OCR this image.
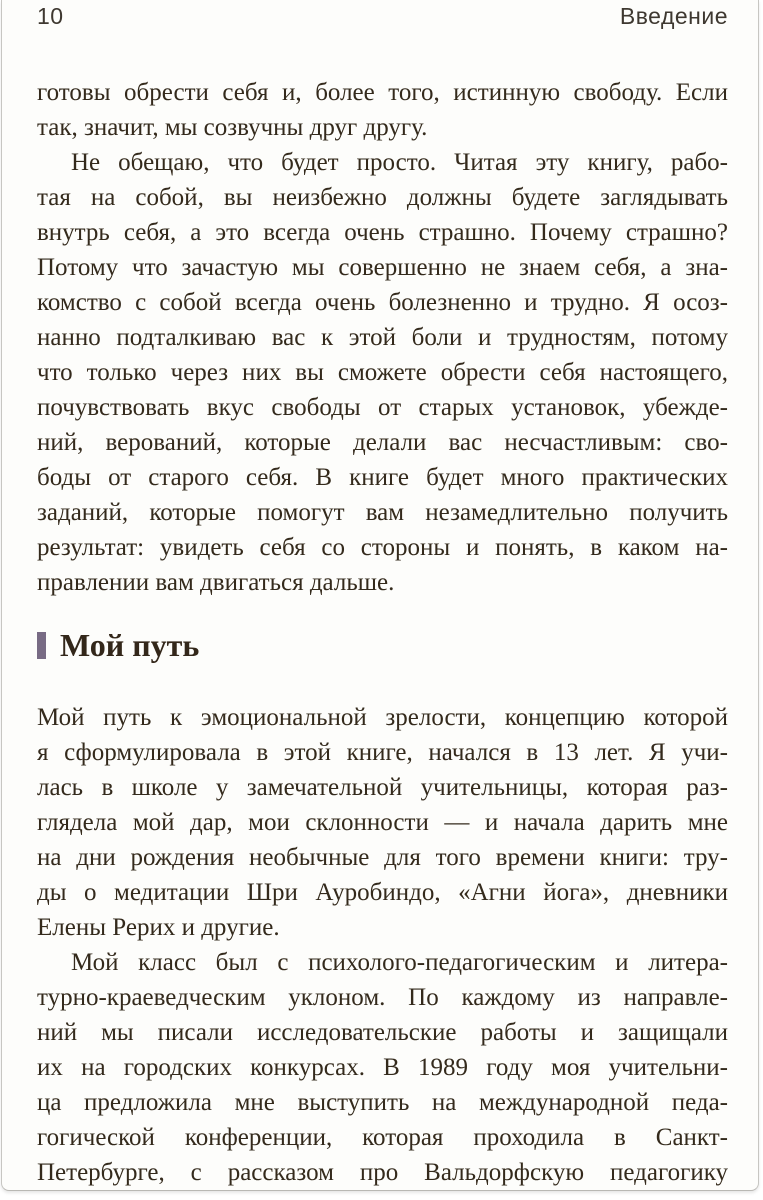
10	Введение
готовы обрести себя и, более того, истинную свободу. Если
так, значит, мы созвучны друг другу.
Не обещаю, что будет просто. Читая эту книгу, рабо-
тая на собой, вы неизбежно должны будете заглядывать
внутрь себя, а это всегда очень страшно. Почему страшно?
Потому что зачастую мы совершенно не знаем себя, а зна-
комство с собой всегда очень болезненно и трудно. Я осоз-
нанно подталкиваю вас к этой боли и трудностям, потому
что только через них вы сможете обрести себя настоящего,
почувствовать вкус свободы от старых установок, убежде-
ний, верований, которые делали вас несчастливым: сво-
боды от старого себя. В книге будет много практических
заданий, которые помогут вам незамедлительно получить
результат: увидеть себя со стороны и понять, в каком на-
правлении вам двигаться дальше.
Мой путь
Мой путь к эмоциональной зрелости, концепцию которой
я сформулировала в этой книге, начался в 13 лет. Я учи-
лась в школе у замечательной учительницы, которая раз-
глядела мой дар, мои склонности — и начала дарить мне
на дни рождения необычные для того времени книги: тру-
ды о медитации Шри Ауробиндо, «Агни йога», дневники
Елены Рерих и другие.
Мой класс был с психолого-педагогическим и литера-
турно-краеведческим уклоном. По каждому из направле-
ний мы писали исследовательские работы и защищали
их на городских конкурсах. В 1989 году моя учительни-
ца предложила мне выступить на международной педа-
гогической конференции, которая проходила в Санкт-
Петербурге, с рассказом про Вальдорфскую педагогику
